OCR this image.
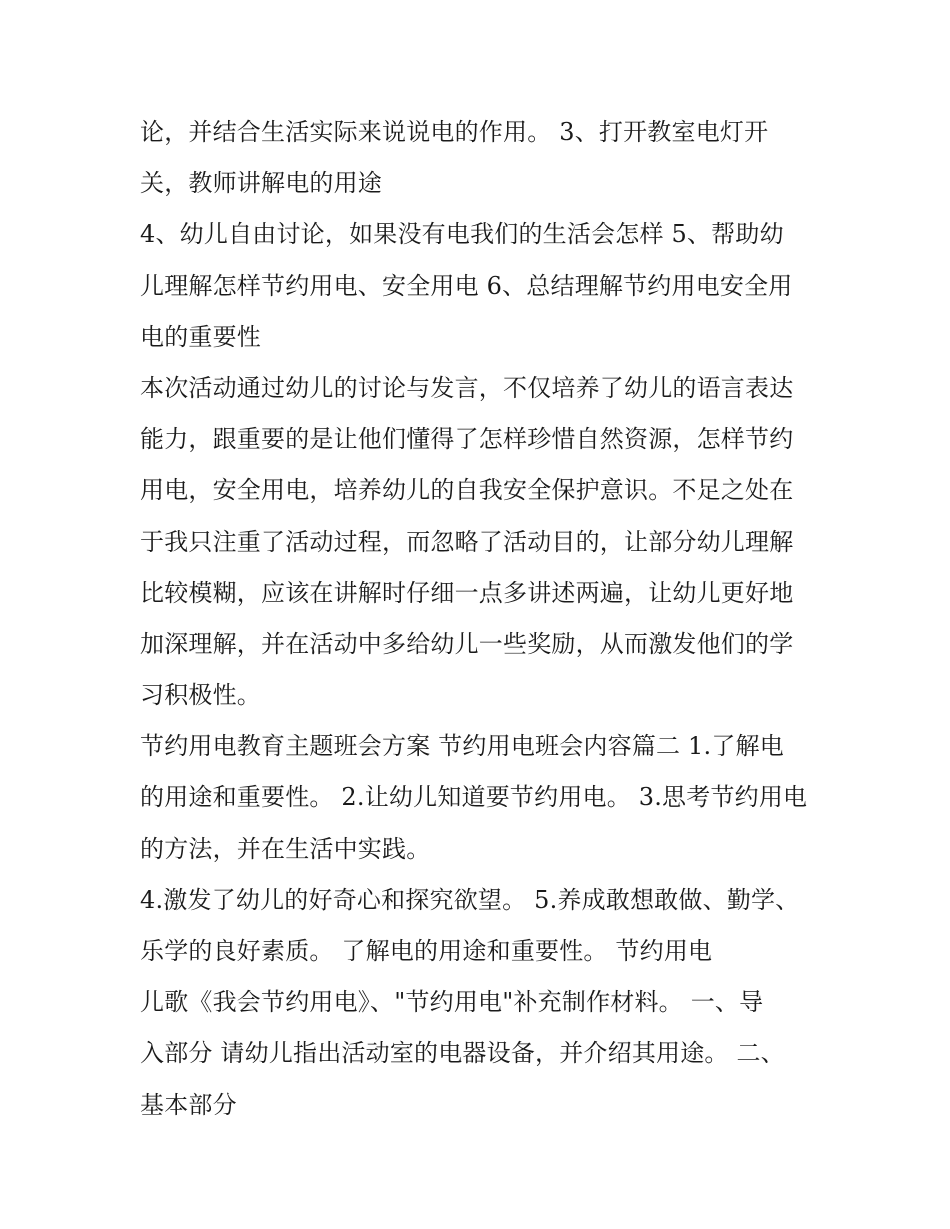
论，并结合生活实际来说说电的作用。 3、打开教室电灯开
关，教师讲解电的用途
4、幼儿自由讨论，如果没有电我们的生活会怎样 5、帮助幼
儿理解怎样节约用电、安全用电 6、总结理解节约用电安全用
电的重要性
本次活动通过幼儿的讨论与发言，不仅培养了幼儿的语言表达
能力，跟重要的是让他们懂得了怎样珍惜自然资源，怎样节约
用电，安全用电，培养幼儿的自我安全保护意识。不足之处在
于我只注重了活动过程，而忽略了活动目的，让部分幼儿理解
比较模糊，应该在讲解时仔细一点多讲述两遍，让幼儿更好地
加深理解，并在活动中多给幼儿一些奖励，从而激发他们的学
习积极性。
节约用电教育主题班会方案 节约用电班会内容篇二 1.了解电
的用途和重要性。 2.让幼儿知道要节约用电。 3.思考节约用电
的方法，并在生活中实践。
4.激发了幼儿的好奇心和探究欲望。 5.养成敢想敢做、勤学、
乐学的良好素质。 了解电的用途和重要性。 节约用电
儿歌《我会节约用电》、"节约用电"补充制作材料。 一、导
入部分 请幼儿指出活动室的电器设备，并介绍其用途。 二、
基本部分
